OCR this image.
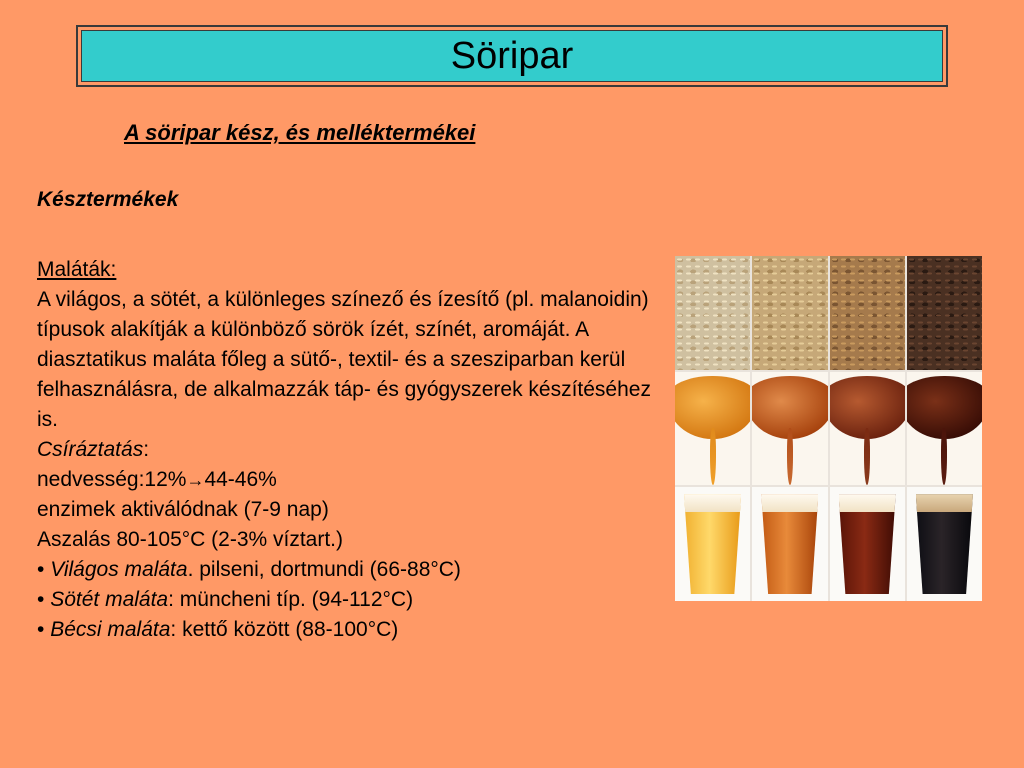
Söripar
A söripar kész, és melléktermékei
Késztermékek

Maláták:

A világos, a sötét, a különleges színező és ízesítő (pl. malanoidin) típusok alakítják a különböző sörök ízét, színét, aromáját. A diasztatikus maláta főleg a sütő-, textil- és a szesziparban kerül felhasználásra, de alkalmazzák táp- és gyógyszerek készítéséhez is.

Csíráztatás:

nedvesség:12%→44-46%

enzimek aktiválódnak (7-9 nap)

Aszalás 80-105°C (2-3% víztart.)

• Világos maláta. pilseni, dortmundi (66-88°C)

• Sötét maláta: müncheni típ. (94-112°C)

• Bécsi maláta: kettő között (88-100°C)
